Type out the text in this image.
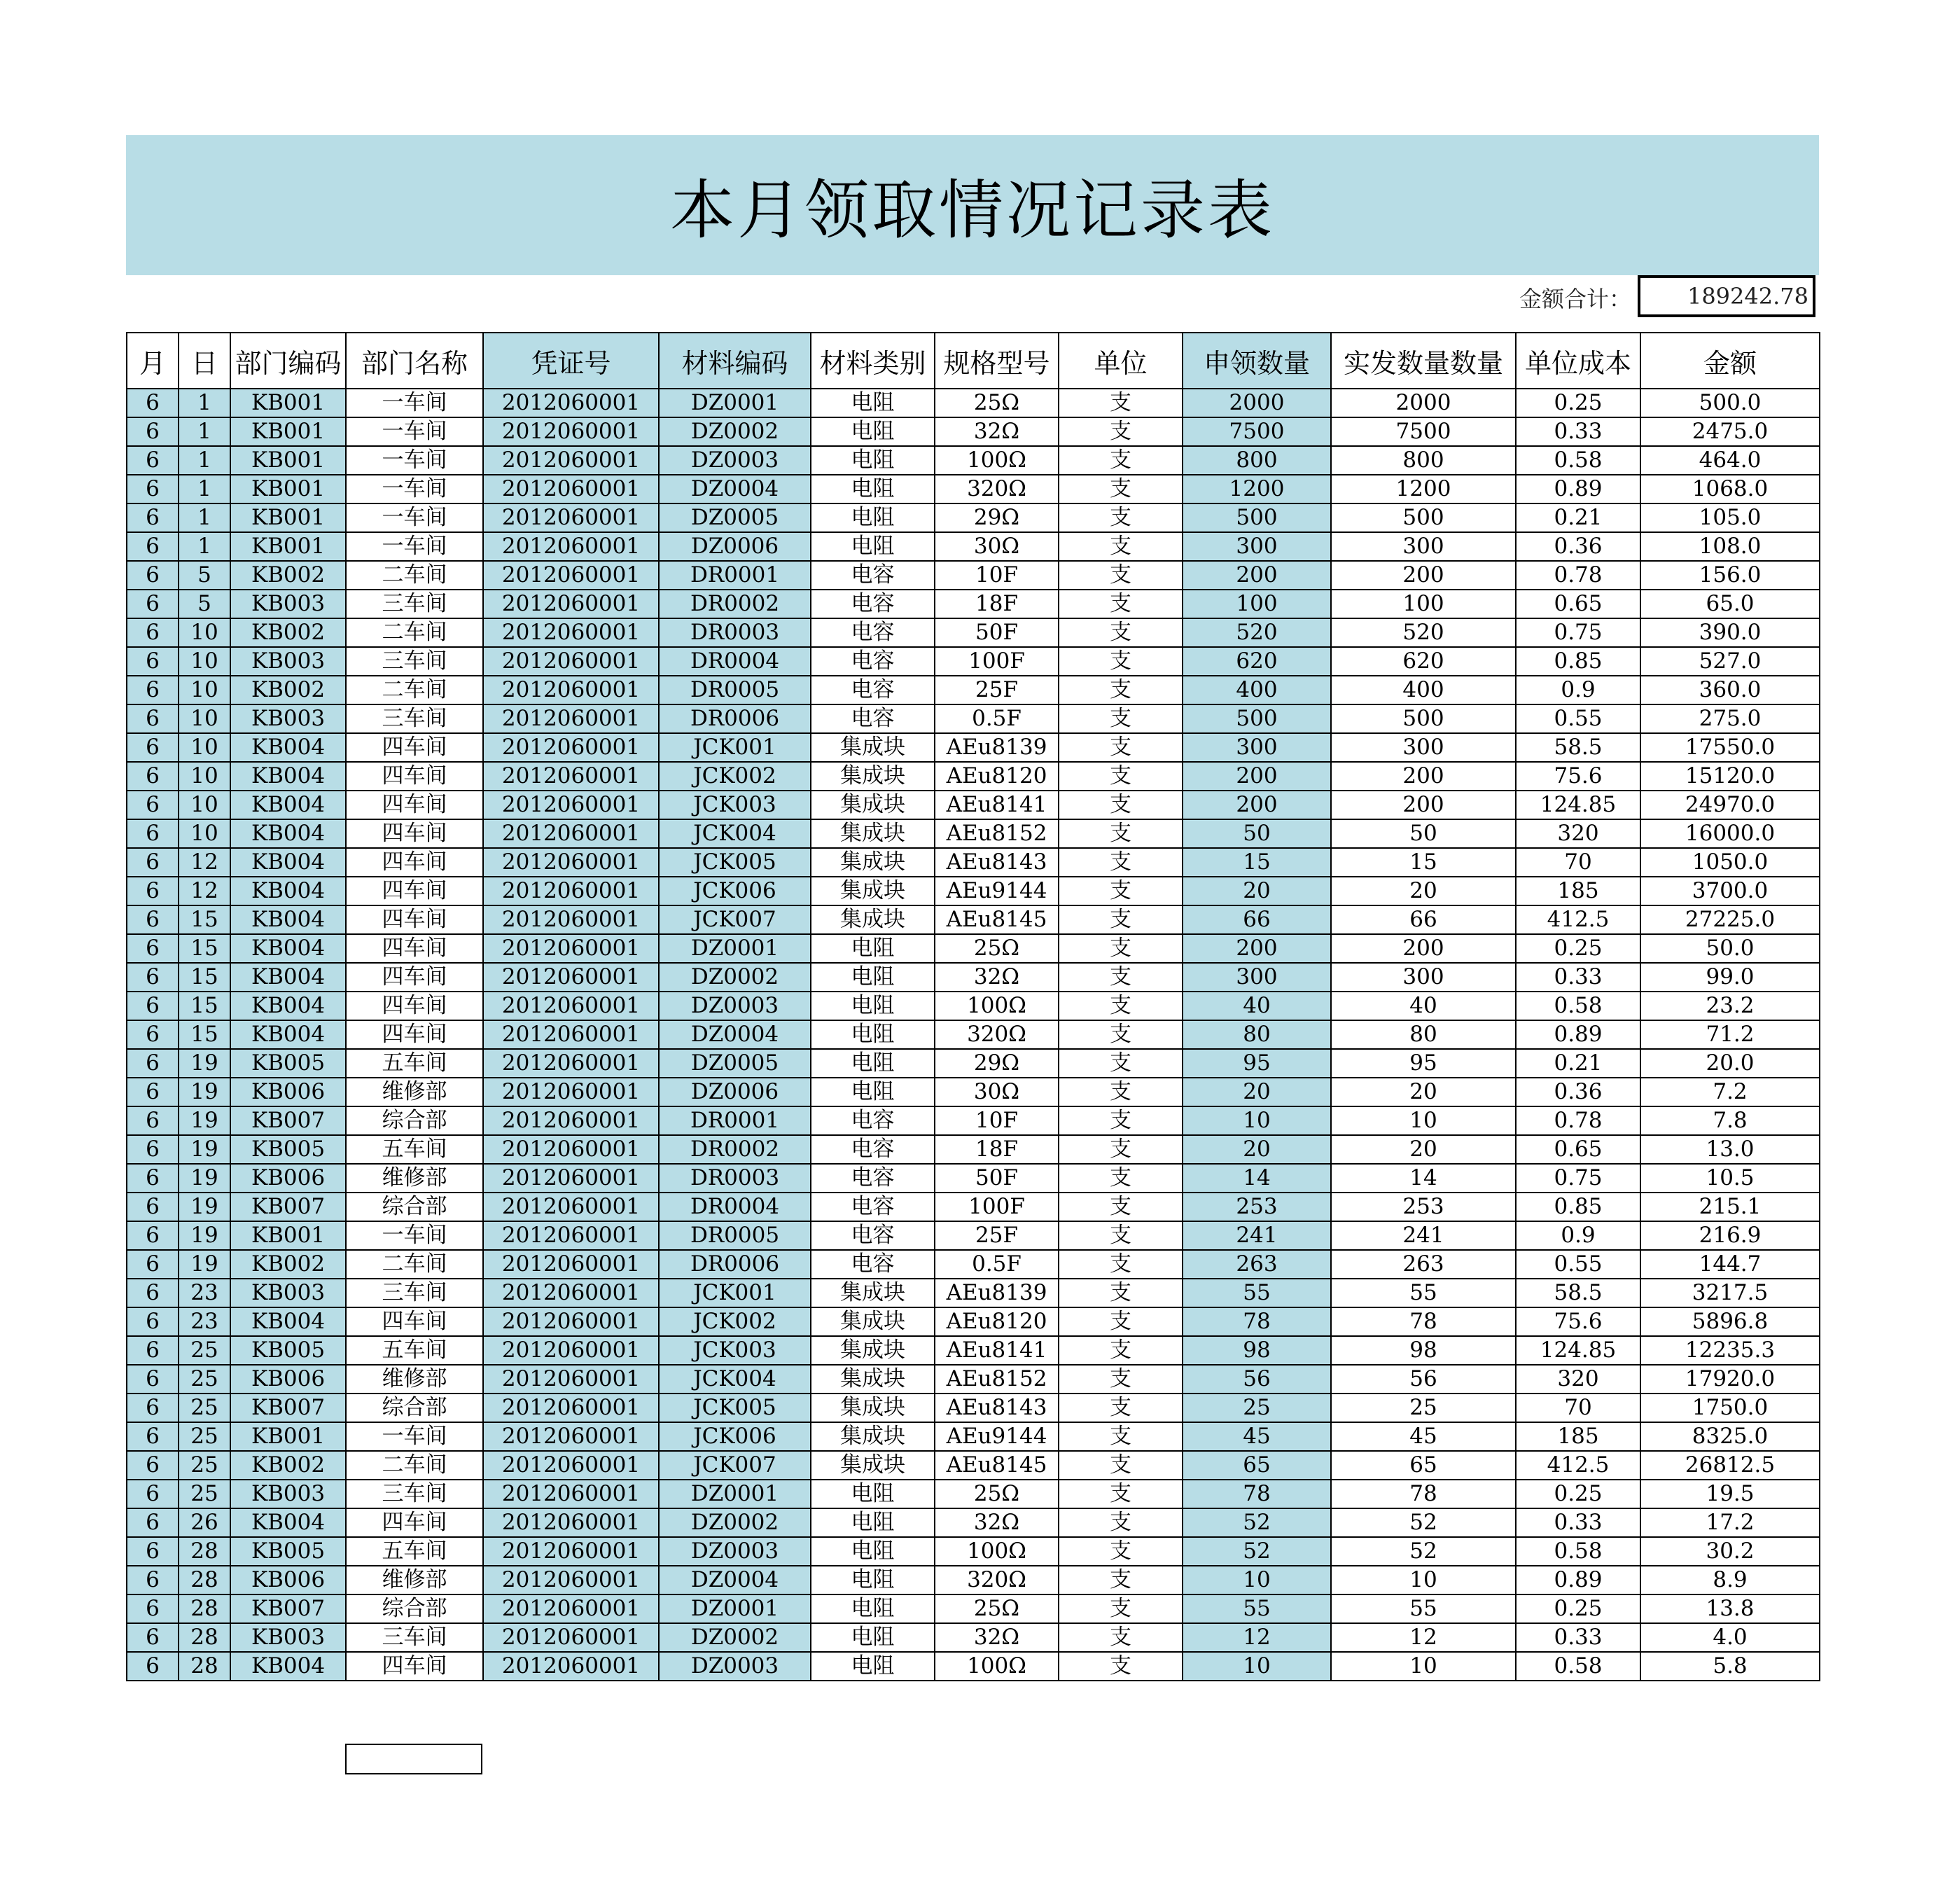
本月领取情况记录表
金额合计：	189242.78
月	日	部门编码	部门名称	凭证号	材料编码	材料类别	规格型号	单位	申领数量	实发数量数量	单位成本	金额
6	1	KB001	一车间	2012060001	DZ0001	电阻	25Ω	支	2000	2000	0.25	500.0
6	1	KB001	一车间	2012060001	DZ0002	电阻	32Ω	支	7500	7500	0.33	2475.0
6	1	KB001	一车间	2012060001	DZ0003	电阻	100Ω	支	800	800	0.58	464.0
6	1	KB001	一车间	2012060001	DZ0004	电阻	320Ω	支	1200	1200	0.89	1068.0
6	1	KB001	一车间	2012060001	DZ0005	电阻	29Ω	支	500	500	0.21	105.0
6	1	KB001	一车间	2012060001	DZ0006	电阻	30Ω	支	300	300	0.36	108.0
6	5	KB002	二车间	2012060001	DR0001	电容	10F	支	200	200	0.78	156.0
6	5	KB003	三车间	2012060001	DR0002	电容	18F	支	100	100	0.65	65.0
6	10	KB002	二车间	2012060001	DR0003	电容	50F	支	520	520	0.75	390.0
6	10	KB003	三车间	2012060001	DR0004	电容	100F	支	620	620	0.85	527.0
6	10	KB002	二车间	2012060001	DR0005	电容	25F	支	400	400	0.9	360.0
6	10	KB003	三车间	2012060001	DR0006	电容	0.5F	支	500	500	0.55	275.0
6	10	KB004	四车间	2012060001	JCK001	集成块	AEu8139	支	300	300	58.5	17550.0
6	10	KB004	四车间	2012060001	JCK002	集成块	AEu8120	支	200	200	75.6	15120.0
6	10	KB004	四车间	2012060001	JCK003	集成块	AEu8141	支	200	200	124.85	24970.0
6	10	KB004	四车间	2012060001	JCK004	集成块	AEu8152	支	50	50	320	16000.0
6	12	KB004	四车间	2012060001	JCK005	集成块	AEu8143	支	15	15	70	1050.0
6	12	KB004	四车间	2012060001	JCK006	集成块	AEu9144	支	20	20	185	3700.0
6	15	KB004	四车间	2012060001	JCK007	集成块	AEu8145	支	66	66	412.5	27225.0
6	15	KB004	四车间	2012060001	DZ0001	电阻	25Ω	支	200	200	0.25	50.0
6	15	KB004	四车间	2012060001	DZ0002	电阻	32Ω	支	300	300	0.33	99.0
6	15	KB004	四车间	2012060001	DZ0003	电阻	100Ω	支	40	40	0.58	23.2
6	15	KB004	四车间	2012060001	DZ0004	电阻	320Ω	支	80	80	0.89	71.2
6	19	KB005	五车间	2012060001	DZ0005	电阻	29Ω	支	95	95	0.21	20.0
6	19	KB006	维修部	2012060001	DZ0006	电阻	30Ω	支	20	20	0.36	7.2
6	19	KB007	综合部	2012060001	DR0001	电容	10F	支	10	10	0.78	7.8
6	19	KB005	五车间	2012060001	DR0002	电容	18F	支	20	20	0.65	13.0
6	19	KB006	维修部	2012060001	DR0003	电容	50F	支	14	14	0.75	10.5
6	19	KB007	综合部	2012060001	DR0004	电容	100F	支	253	253	0.85	215.1
6	19	KB001	一车间	2012060001	DR0005	电容	25F	支	241	241	0.9	216.9
6	19	KB002	二车间	2012060001	DR0006	电容	0.5F	支	263	263	0.55	144.7
6	23	KB003	三车间	2012060001	JCK001	集成块	AEu8139	支	55	55	58.5	3217.5
6	23	KB004	四车间	2012060001	JCK002	集成块	AEu8120	支	78	78	75.6	5896.8
6	25	KB005	五车间	2012060001	JCK003	集成块	AEu8141	支	98	98	124.85	12235.3
6	25	KB006	维修部	2012060001	JCK004	集成块	AEu8152	支	56	56	320	17920.0
6	25	KB007	综合部	2012060001	JCK005	集成块	AEu8143	支	25	25	70	1750.0
6	25	KB001	一车间	2012060001	JCK006	集成块	AEu9144	支	45	45	185	8325.0
6	25	KB002	二车间	2012060001	JCK007	集成块	AEu8145	支	65	65	412.5	26812.5
6	25	KB003	三车间	2012060001	DZ0001	电阻	25Ω	支	78	78	0.25	19.5
6	26	KB004	四车间	2012060001	DZ0002	电阻	32Ω	支	52	52	0.33	17.2
6	28	KB005	五车间	2012060001	DZ0003	电阻	100Ω	支	52	52	0.58	30.2
6	28	KB006	维修部	2012060001	DZ0004	电阻	320Ω	支	10	10	0.89	8.9
6	28	KB007	综合部	2012060001	DZ0001	电阻	25Ω	支	55	55	0.25	13.8
6	28	KB003	三车间	2012060001	DZ0002	电阻	32Ω	支	12	12	0.33	4.0
6	28	KB004	四车间	2012060001	DZ0003	电阻	100Ω	支	10	10	0.58	5.8
